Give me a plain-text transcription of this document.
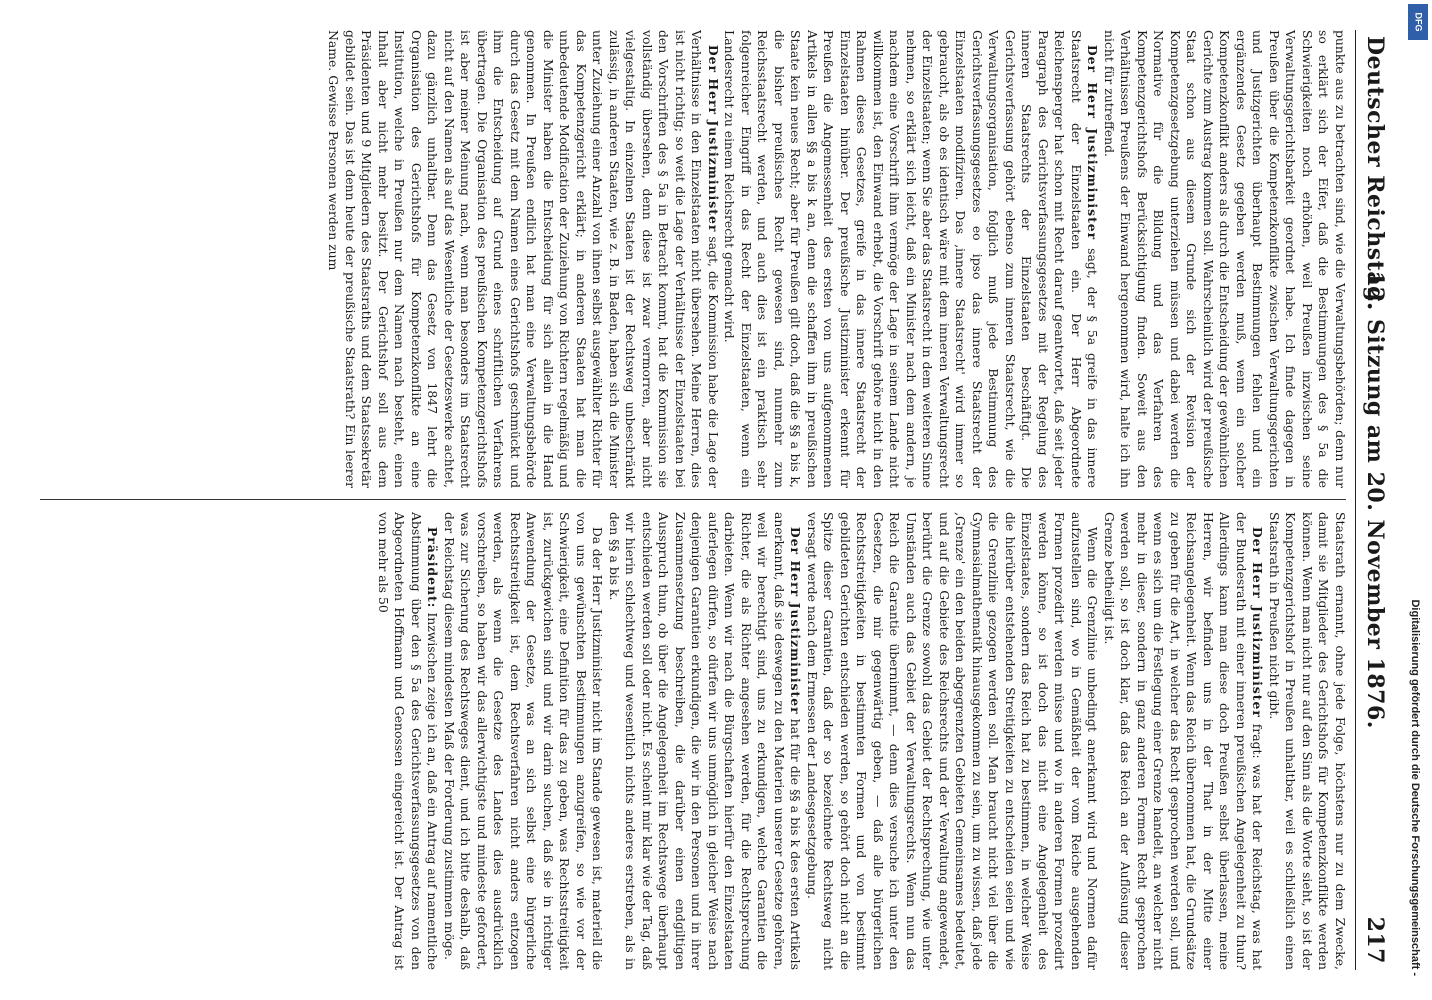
Deutscher Reichstag.
12. Sitzung am 20. November 1876.
217

punkte aus zu betrachten sind, wie die Verwaltungsbehörden; denn nur so erklärt sich der Eifer, daß die Bestimmungen des § 5a die Schwierigkeiten noch erhöhen, weil Preußen inzwischen seine Verwaltungsgerichtsbarkeit geordnet habe. Ich finde dagegen in Preußen über die Kompetenzkonflikte zwischen Verwaltungsgerichten und Justizgerichten überhaupt Bestimmungen fehlen und ein ergänzendes Gesetz gegeben werden muß, wenn ein solcher Kompetenzkonflikt anders als durch die Entscheidung der gewöhnlichen Gerichte zum Austrag kommen soll. Wahrscheinlich wird der preußische Staat schon aus diesem Grunde sich der Revision der Kompetenzgesetzgebung unterziehen müssen und dabei werden die Normative für die Bildung und das Verfahren des Kompetenzgerichtshofs Berücksichtigung finden. Soweit aus den Verhältnissen Preußens der Einwand hergenommen wird, halte ich ihn nicht für zutreffend.

Der Herr Justizminister sagt, der § 5a greife in das innere Staatsrecht der Einzelstaaten ein. Der Herr Abgeordnete Reichensperger hat schon mit Recht darauf geantwortet, daß seit jeder Paragraph des Gerichtsverfassungsgesetzes mit der Regelung des inneren Staatsrechts der Einzelstaaten beschäftigt. Die Gerichtsverfassung gehört ebenso zum inneren Staatsrecht, wie die Verwaltungsorganisation, folglich muß jede Bestimmung des Gerichtsverfassungsgesetzes eo ipso das innere Staatsrecht der Einzelstaaten modifiziren. Das ‚innere Staatsrecht' wird immer so gebraucht, als ob es identisch wäre mit dem inneren Verwaltungsrecht der Einzelstaaten; wenn Sie aber das Staatsrecht in dem weiteren Sinne nehmen, so erklärt sich leicht, daß ein Minister nach dem andern, je nachdem eine Vorschrift ihm vermöge der Lage in seinem Lande nicht willkommen ist, den Einwand erhebt, die Vorschrift gehöre nicht in den Rahmen dieses Gesetzes, greife in das innere Staatsrecht der Einzelstaaten hinüber. Der preußische Justizminister erkennt für Preußen die Angemessenheit des ersten von uns aufgenommenen Artikels in allen §§ a bis k an, denn die schaffen ihm in preußischen Staate kein neues Recht; aber für Preußen gilt doch, daß die §§ a bis k, die bisher preußisches Recht gewesen sind, nunmehr zum Reichsstaatsrecht werden, und auch dies ist ein praktisch sehr folgenreicher Eingriff in das Recht der Einzelstaaten, wenn ein Landesrecht zu einem Reichsrecht gemacht wird.

Der Herr Justizminister sagt, die Kommission habe die Lage der Verhältnisse in den Einzelstaaten nicht übersehen. Meine Herren, dies ist nicht richtig; so weit die Lage der Verhältnisse der Einzelstaaten bei den Vorschriften des § 5a in Betracht kommt, hat die Kommission sie vollständig übersehen, denn diese ist zwar vermorren, aber nicht vielgestaltig. In einzelnen Staaten ist der Rechtsweg unbeschränkt zulässig, in anderen Staaten, wie z. B. in Baden, haben sich die Minister unter Zuziehung einer Anzahl von ihnen selbst ausgewählter Richter für das Kompetenzgericht erklärt; in anderen Staaten hat man die unbedeutende Modification der Zuziehung von Richtern regelmäßig und die Minister haben die Entscheidung für sich allein in die Hand genommen. In Preußen endlich hat man eine Verwaltungsbehörde durch das Gesetz mit dem Namen eines Gerichtshofs geschmückt und ihm die Entscheidung auf Grund eines schriftlichen Verfahrens übertragen. Die Organisation des preußischen Kompetenzgerichtshofs ist aber meiner Meinung nach, wenn man besonders im Staatsrecht nicht auf den Namen als auf das Wesentliche der Gesetzeswerke achtet, dazu gänzlich unhaltbar. Denn das Gesetz von 1847 lehrt die Organisation des Gerichtshofs für Kompetenzkonflikte an eine Institution, welche in Preußen nur dem Namen nach besteht, einen Inhalt aber nicht mehr besitzt. Der Gerichtshof soll aus dem Präsidenten und 9 Mitgliedern des Staatsraths und dem Staatssekretär gebildet sein. Das ist denn heute der preußische Staatsrath? Ein leerer Name. Gewisse Personen werden zum

Staatsrath ernannt, ohne jede Folge, höchstens nur zu dem Zwecke, damit sie Mitglieder des Gerichtshofs für Kompetenzkonflikte werden können. Wenn man nicht nur auf den Sinn als die Worte sieht, so ist der Kompetenzgerichtshof in Preußen unhaltbar, weil es schließlich einen Staatsrath in Preußen nicht gibt.

Der Herr Justizminister fragt: was hat der Reichstag, was hat der Bundesrath mit einer inneren preußischen Angelegenheit zu thun? Allerdings kann man diese doch Preußen selbst überlassen, meine Herren, wir befinden uns in der That in der Mitte einer Reichsangelegenheit. Wenn das Reich übernommen hat, die Grundsätze zu geben für die Art, in welcher das Recht gesprochen werden soll, und wenn es sich um die Festlegung einer Grenze handelt, an welcher nicht mehr in dieser, sondern in ganz anderen Formen Recht gesprochen werden soll, so ist doch klar, daß das Reich an der Auflösung dieser Grenze betheiligt ist.

Wenn die Grenzlinie unbedingt anerkannt wird und Normen dafür aufzustellen sind, wo in Gemäßheit der vom Reiche ausgehenden Formen prozedirt werden müsse und wo in anderen Formen prozedirt werden könne, so ist doch das nicht eine Angelegenheit des Einzelstaates, sondern das Reich hat zu bestimmen, in welcher Weise die hierüber entstehenden Streitigkeiten zu entscheiden seien und wie die Grenzlinie gezogen werden soll. Man braucht nicht viel über die Gymnasialmathematik hinausgekommen zu sein, um zu wissen, daß jede ‚Grenze' ein den beiden abgegrenzten Gebieten Gemeinsames bedeutet, und auf die Gebiete des Reichsrechts und der Verwaltung angewendet, berührt die Grenze sowohl das Gebiet der Rechtsprechung, wie unter Umständen auch das Gebiet der Verwaltungsrechts. Wenn nun das Reich die Garantie übernimmt, — denn dies versuche ich unter den Gesetzen, die mir gegenwärtig geben, — daß alle bürgerlichen Rechtsstreitigkeiten in bestimmten Formen und von bestimmt gebildeten Gerichten entschieden werden, so gehört doch nicht an die Spitze dieser Garantien, daß der so bezeichnete Rechtsweg nicht versagt werde nach dem Ermessen der Landesgesetzgebung.

Der Herr Justizminister hat für die §§ a bis k des ersten Artikels anerkannt, daß sie deswegen zu den Materien unserer Gesetze gehören, weil wir berechtigt sind, uns zu erkundigen, welche Garantien die Richter, die als Richter angesehen werden, für die Rechtsprechung darbieten. Wenn wir nach die Bürgschaften hierfür den Einzelstaaten auferlegen dürfen, so dürfen wir uns unmöglich in gleicher Weise nach denjenigen Garantien erkundigen, die wir in den Personen und in ihrer Zusammensetzung beschreiben, die darüber einen endgiltigen Ausspruch thun, ob über die Angelegenheit im Rechtswege überhaupt entschieden werden soll oder nicht. Es scheint mir klar wie der Tag, daß wir hierin schlechtweg und wesentlich nichts anderes erstreben, als in den §§ a bis k.

Da der Herr Justizminister nicht im Stande gewesen ist, materiell die von uns gewünschten Bestimmungen anzugreifen, so wie vor der Schwierigkeit, eine Definition für das zu geben, was Rechtsstreitigkeit ist, zurückgewichen sind und wir darin suchen, daß sie in richtiger Anwendung der Gesetze, was an sich selbst eine bürgerliche Rechtsstreitigkeit ist, dem Rechtsverfahren nicht anders entzogen werden, als wenn die Gesetze des Landes dies ausdrücklich vorschreiben, so haben wir das allerwichtigste und mindeste gefordert, was zur Sicherung des Rechtsweges dient, und ich bitte deshalb, daß der Reichstag diesem mindesten Maß der Forderung zustimmen möge.

Präsident: Inzwischen zeige ich an, daß ein Antrag auf namentliche Abstimmung über den § 5a des Gerichtsverfassungsgesetzes von den Abgeordneten Hoffmann und Genossen eingereicht ist. Der Antrag ist von mehr als 50

DFG
Digitalisierung gefördert durch die Deutsche Forschungsgemeinschaft -
